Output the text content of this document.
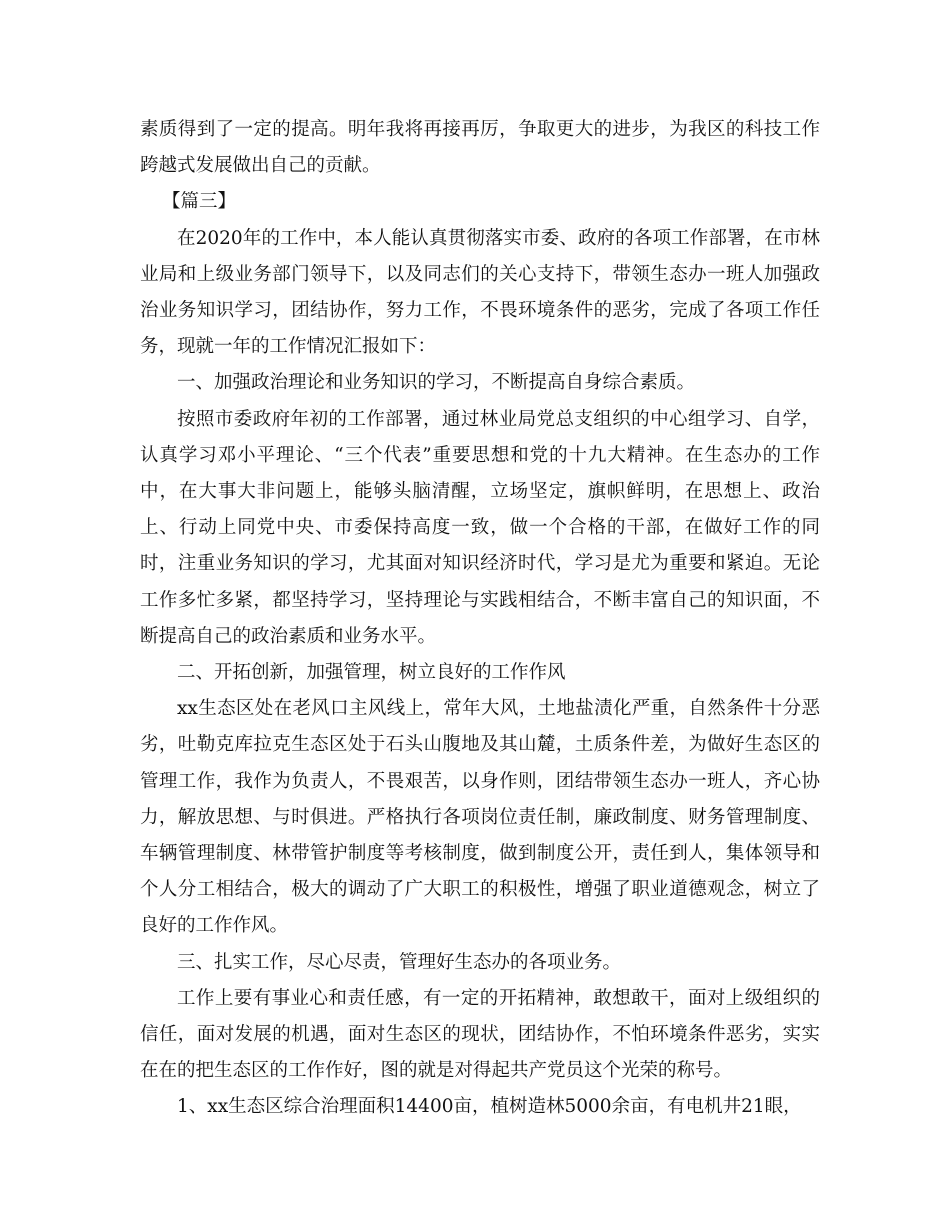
素质得到了一定的提高。明年我将再接再厉，争取更大的进步，为我区的科技工作跨越式发展做出自己的贡献。

【篇三】

在2020年的工作中，本人能认真贯彻落实市委、政府的各项工作部署，在市林业局和上级业务部门领导下，以及同志们的关心支持下，带领生态办一班人加强政治业务知识学习，团结协作，努力工作，不畏环境条件的恶劣，完成了各项工作任务，现就一年的工作情况汇报如下：

一、加强政治理论和业务知识的学习，不断提高自身综合素质。

按照市委政府年初的工作部署，通过林业局党总支组织的中心组学习、自学，认真学习邓小平理论、“三个代表”重要思想和党的十九大精神。在生态办的工作中，在大事大非问题上，能够头脑清醒，立场坚定，旗帜鲜明，在思想上、政治上、行动上同党中央、市委保持高度一致，做一个合格的干部，在做好工作的同时，注重业务知识的学习，尤其面对知识经济时代，学习是尤为重要和紧迫。无论工作多忙多紧，都坚持学习，坚持理论与实践相结合，不断丰富自己的知识面，不断提高自己的政治素质和业务水平。

二、开拓创新，加强管理，树立良好的工作作风

xx生态区处在老风口主风线上，常年大风，土地盐渍化严重，自然条件十分恶劣，吐勒克库拉克生态区处于石头山腹地及其山麓，土质条件差，为做好生态区的管理工作，我作为负责人，不畏艰苦，以身作则，团结带领生态办一班人，齐心协力，解放思想、与时俱进。严格执行各项岗位责任制，廉政制度、财务管理制度、车辆管理制度、林带管护制度等考核制度，做到制度公开，责任到人，集体领导和个人分工相结合，极大的调动了广大职工的积极性，增强了职业道德观念，树立了良好的工作作风。

三、扎实工作，尽心尽责，管理好生态办的各项业务。

工作上要有事业心和责任感，有一定的开拓精神，敢想敢干，面对上级组织的信任，面对发展的机遇，面对生态区的现状，团结协作，不怕环境条件恶劣，实实在在的把生态区的工作作好，图的就是对得起共产党员这个光荣的称号。

1、xx生态区综合治理面积14400亩，植树造林5000余亩，有电机井21眼，
